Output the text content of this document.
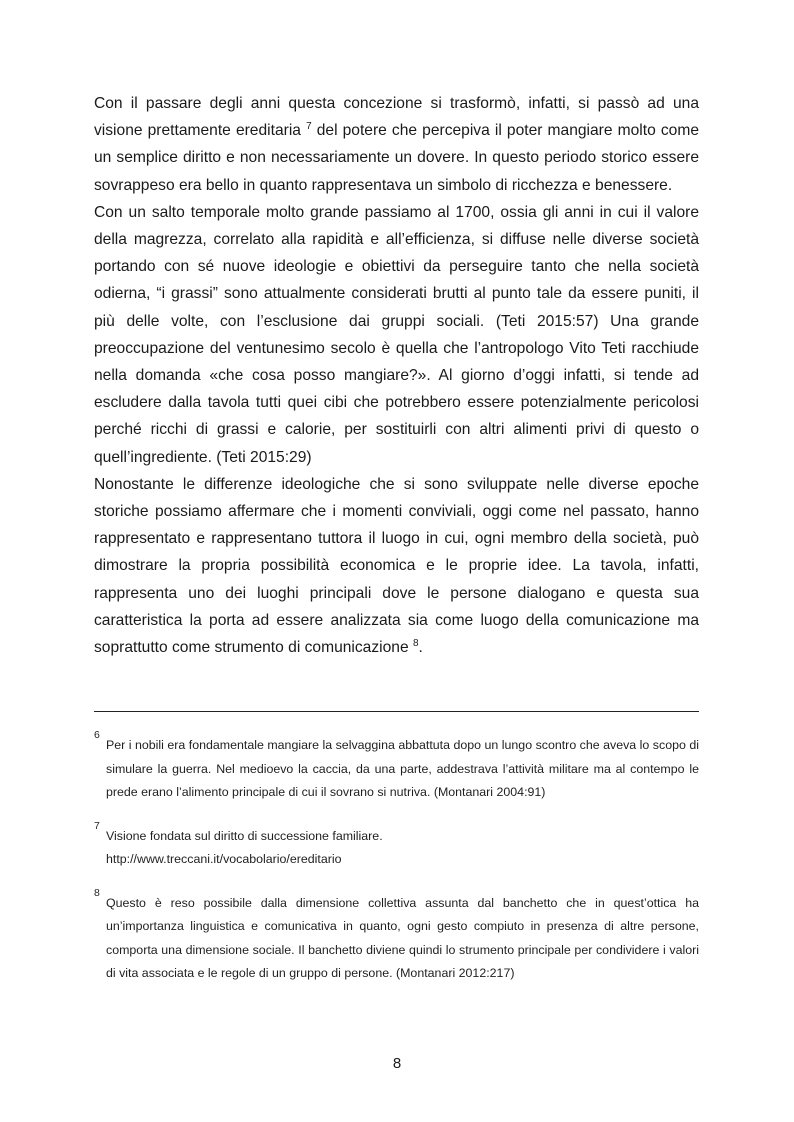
Con il passare degli anni questa concezione si trasformò, infatti, si passò ad una visione prettamente ereditaria $^7$ del potere che percepiva il poter mangiare molto come un semplice diritto e non necessariamente un dovere. In questo periodo storico essere sovrappeso era bello in quanto rappresentava un simbolo di ricchezza e benessere.

Con un salto temporale molto grande passiamo al 1700, ossia gli anni in cui il valore della magrezza, correlato alla rapidità e all’efficienza, si diffuse nelle diverse società portando con sé nuove ideologie e obiettivi da perseguire tanto che nella società odierna, “i grassi” sono attualmente considerati brutti al punto tale da essere puniti, il più delle volte, con l’esclusione dai gruppi sociali. (Teti 2015:57) Una grande preoccupazione del ventunesimo secolo è quella che l’antropologo Vito Teti racchiude nella domanda «che cosa posso mangiare?». Al giorno d’oggi infatti, si tende ad escludere dalla tavola tutti quei cibi che potrebbero essere potenzialmente pericolosi perché ricchi di grassi e calorie, per sostituirli con altri alimenti privi di questo o quell’ingrediente. (Teti 2015:29)

Nonostante le differenze ideologiche che si sono sviluppate nelle diverse epoche storiche possiamo affermare che i momenti conviviali, oggi come nel passato, hanno rappresentato e rappresentano tuttora il luogo in cui, ogni membro della società, può dimostrare la propria possibilità economica e le proprie idee. La tavola, infatti, rappresenta uno dei luoghi principali dove le persone dialogano e questa sua caratteristica la porta ad essere analizzata sia come luogo della comunicazione ma soprattutto come strumento di comunicazione $^8$.

6
Per i nobili era fondamentale mangiare la selvaggina abbattuta dopo un lungo scontro che aveva lo scopo di simulare la guerra. Nel medioevo la caccia, da una parte, addestrava l’attività militare ma al contempo le prede erano l’alimento principale di cui il sovrano si nutriva. (Montanari 2004:91)
7
Visione fondata sul diritto di successione familiare.
http://www.treccani.it/vocabolario/ereditario
8
Questo è reso possibile dalla dimensione collettiva assunta dal banchetto che in quest’ottica ha un’importanza linguistica e comunicativa in quanto, ogni gesto compiuto in presenza di altre persone, comporta una dimensione sociale. Il banchetto diviene quindi lo strumento principale per condividere i valori di vita associata e le regole di un gruppo di persone. (Montanari 2012:217)
8
